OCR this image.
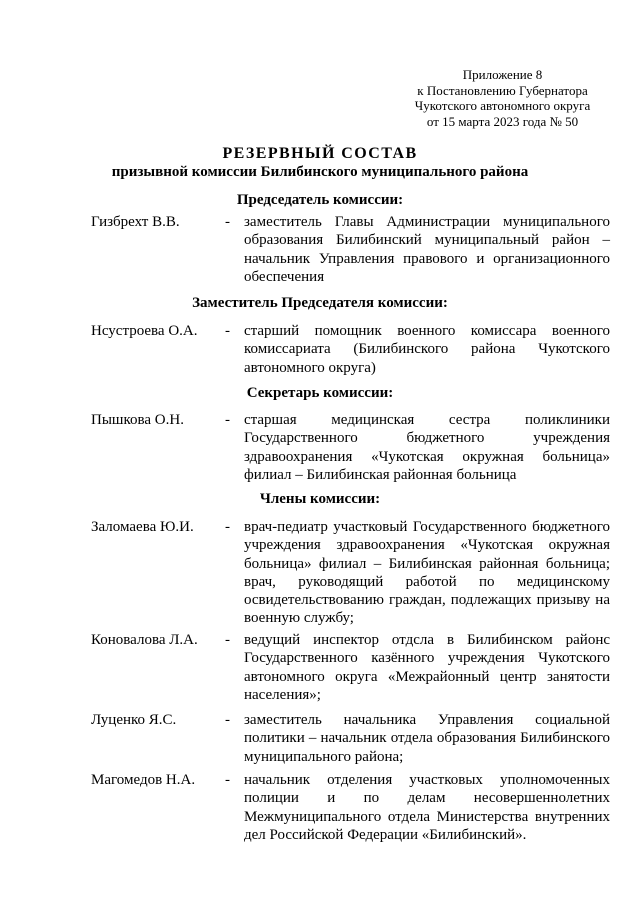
Приложение 8
к Постановлению Губернатора
Чукотского автономного округа
от 15 марта 2023 года № 50
РЕЗЕРВНЫЙ СОСТАВ
призывной комиссии Билибинского муниципального района
Председатель комиссии:
Гизбрехт В.В.	- заместитель Главы Администрации муниципального образования Билибинский муниципальный район – начальник Управления правового и организационного обеспечения
Заместитель Председателя комиссии:
Нсустроева О.А. - старший помощник военного комиссара военного комиссариата (Билибинского района Чукотского автономного округа)
Секретарь комиссии:
Пышкова О.Н.	- старшая медицинская сестра поликлиники Государственного бюджетного учреждения здравоохранения «Чукотская окружная больница» филиал – Билибинская районная больница
Члены комиссии:
Заломаева Ю.И. - врач-педиатр участковый Государственного бюджетного учреждения здравоохранения «Чукотская окружная больница» филиал – Билибинская районная больница; врач, руководящий работой по медицинскому освидетельствованию граждан, подлежащих призыву на военную службу;
Коновалова Л.А. - ведущий инспектор отдсла в Билибинском районс Государственного казённого учреждения Чукотского автономного округа «Межрайонный центр занятости населения»;
Луценко Я.С.	- заместитель начальника Управления социальной политики – начальник отдела образования Билибинского муниципального района;
Магомедов Н.А. - начальник отделения участковых уполномоченных полиции и по делам несовершеннолетних Межмуниципального отдела Министерства внутренних дел Российской Федерации «Билибинский».
